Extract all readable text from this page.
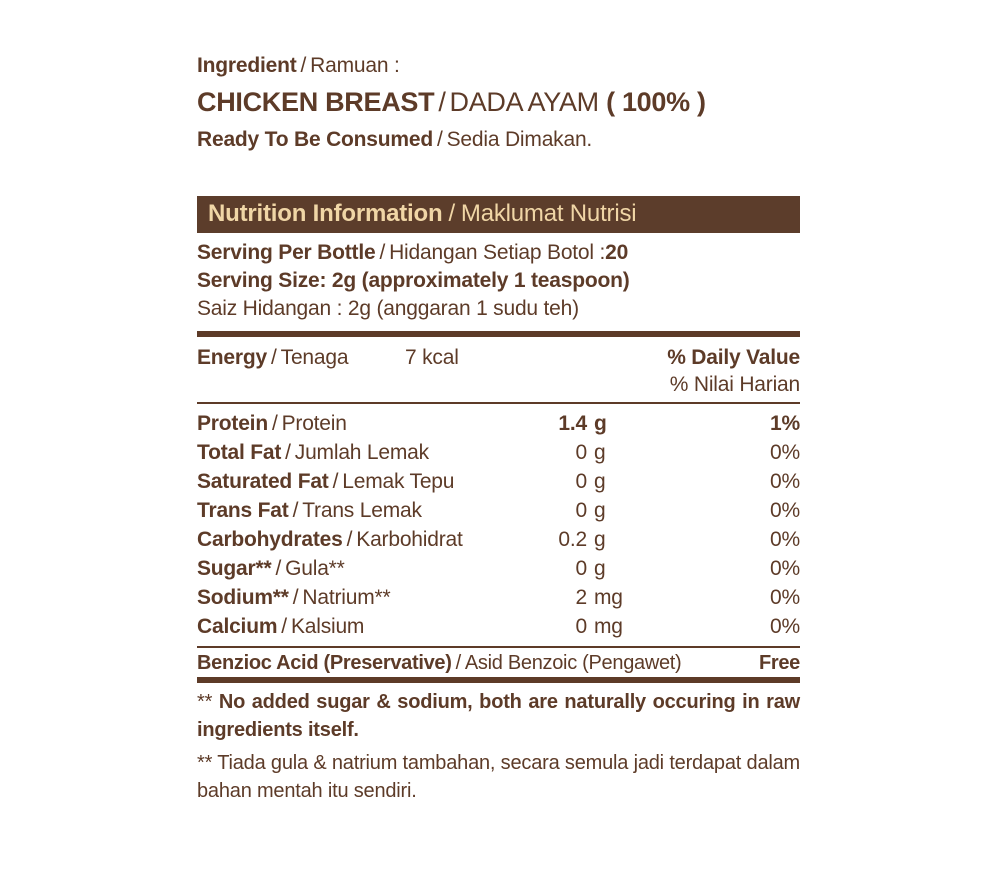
Ingredient / Ramuan :
CHICKEN BREAST / DADA AYAM ( 100% )
Ready To Be Consumed / Sedia Dimakan.
Nutrition Information / Maklumat Nutrisi
Serving Per Bottle / Hidangan Setiap Botol :20
Serving Size: 2g (approximately 1 teaspoon)
Saiz Hidangan : 2g (anggaran 1 sudu teh)
Energy / Tenaga	7 kcal	% Daily Value
% Nilai Harian
Protein / Protein	1.4 g	1%
Total Fat / Jumlah Lemak	0 g	0%
Saturated Fat / Lemak Tepu	0 g	0%
Trans Fat / Trans Lemak	0 g	0%
Carbohydrates / Karbohidrat	0.2 g	0%
Sugar** / Gula**	0 g	0%
Sodium** / Natrium**	2 mg	0%
Calcium / Kalsium	0 mg	0%
Benzioc Acid (Preservative) / Asid Benzoic (Pengawet)	Free

** No added sugar & sodium, both are naturally occuring in raw ingredients itself.

** Tiada gula & natrium tambahan, secara semula jadi terdapat dalam bahan mentah itu sendiri.
